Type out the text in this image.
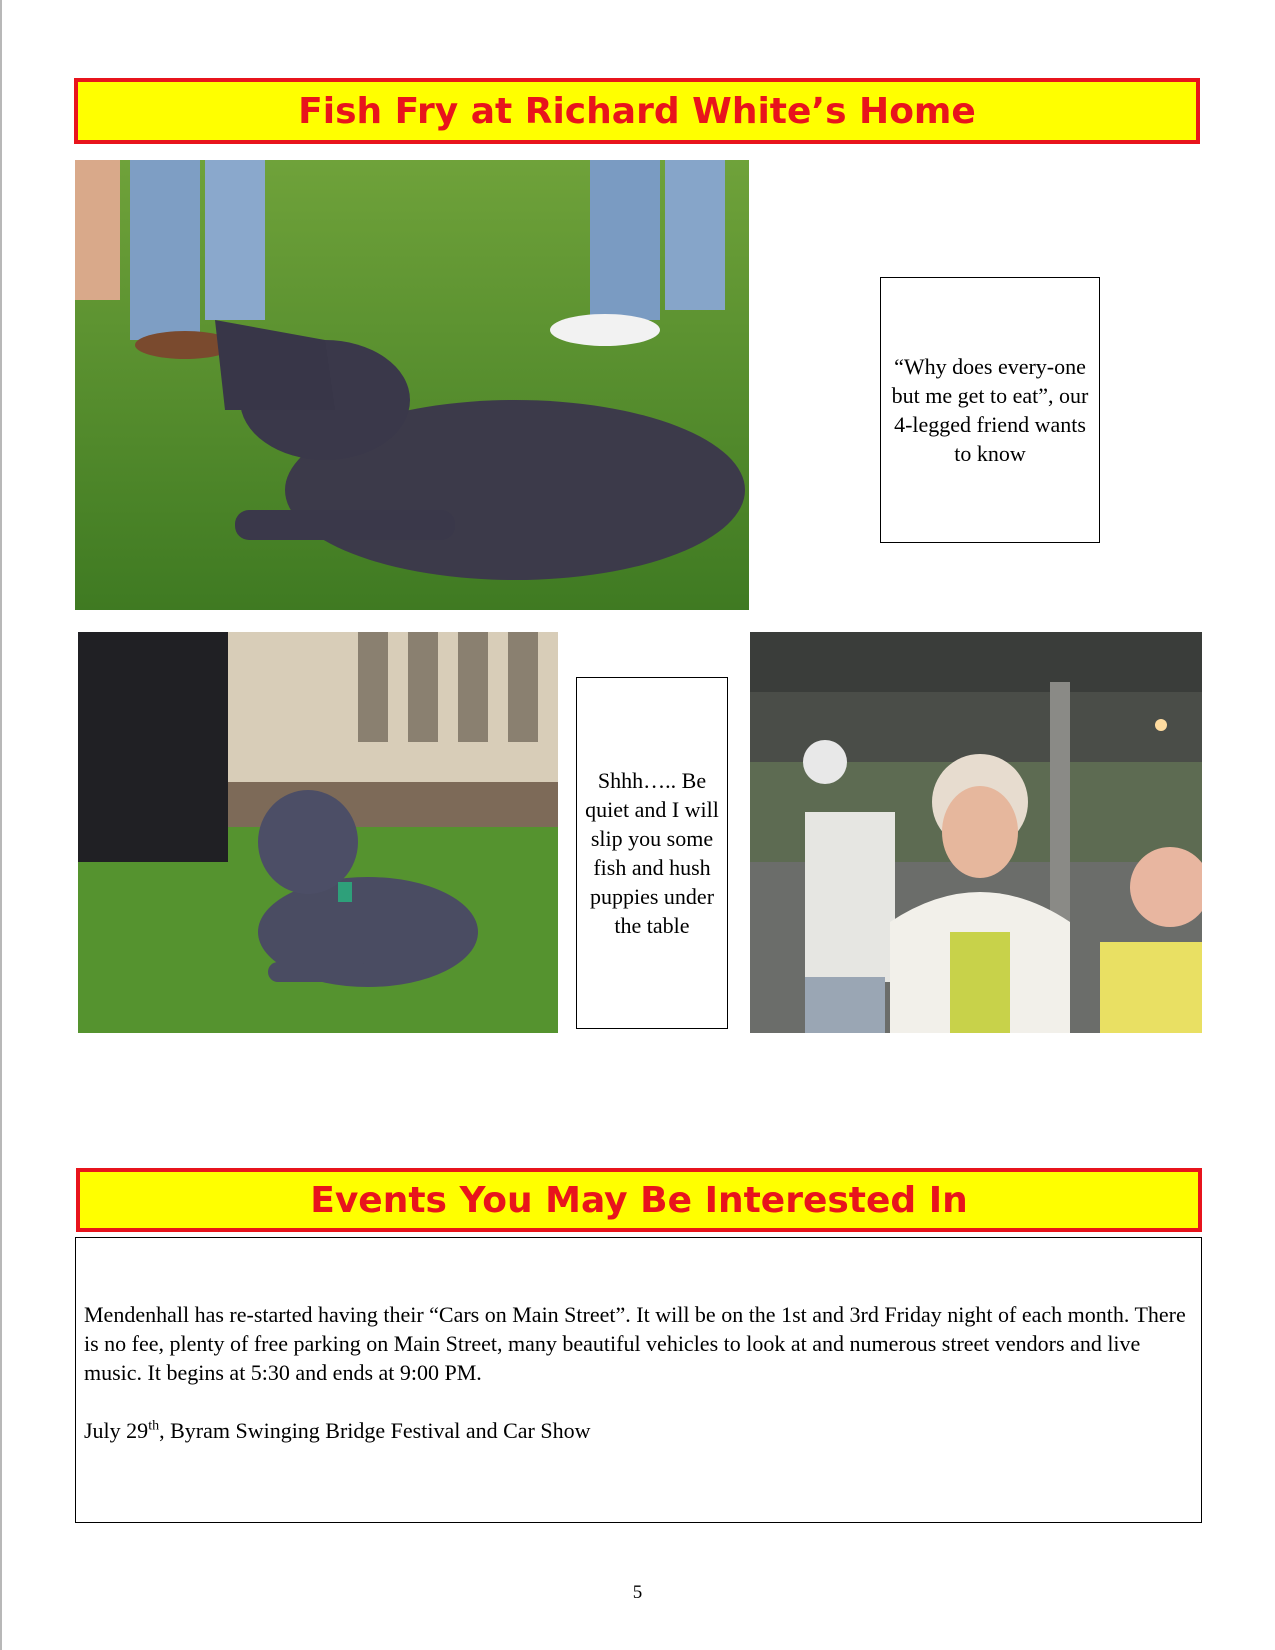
Fish Fry at Richard White’s Home
“Why does every-one but me get to eat”, our 4-legged friend wants to know
Shhh….. Be quiet and I will slip you some fish and hush puppies under the table
Events You May Be Interested In

Mendenhall has re-started having their “Cars on Main Street”. It will be on the 1st and 3rd Friday night of each month. There is no fee, plenty of free parking on Main Street, many beautiful vehicles to look at and numerous street vendors and live music. It begins at 5:30 and ends at 9:00 PM.

July 29th, Byram Swinging Bridge Festival and Car Show

5
